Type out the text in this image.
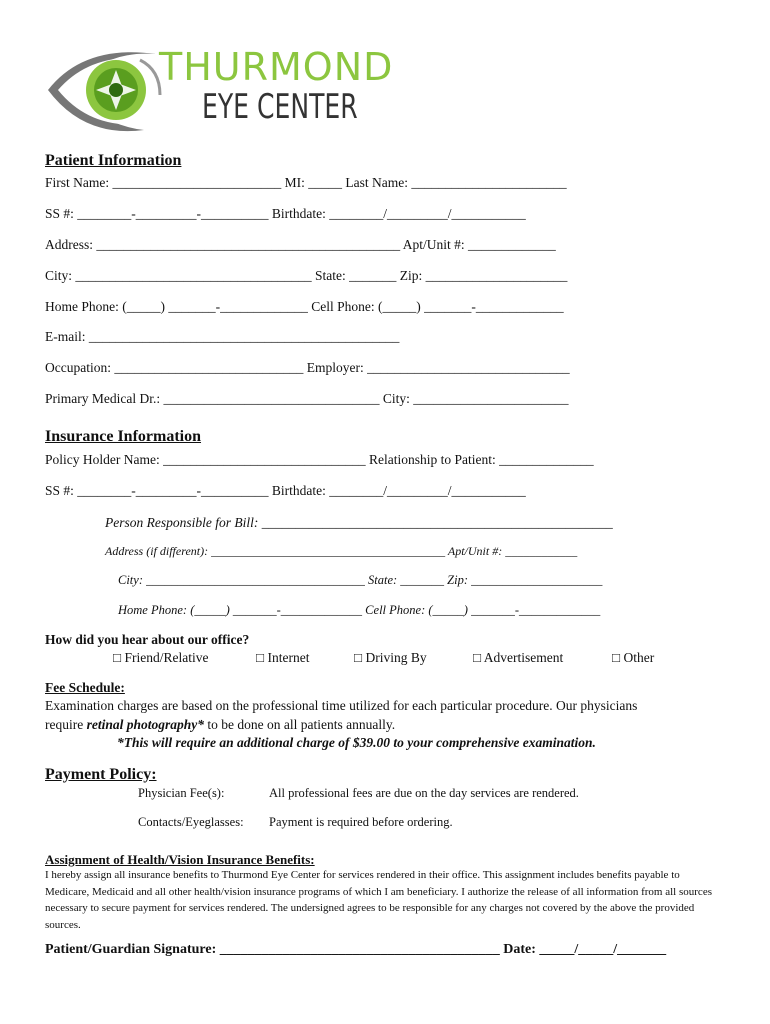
THURMOND

EYE CENTER

Patient Information
First Name: _________________________ MI: _____ Last Name: _______________________
SS #: ________-_________-__________ Birthdate: ________/_________/___________
Address: _____________________________________________ Apt/Unit #: _____________
City: ___________________________________ State: _______ Zip: _____________________
Home Phone: (_____) _______-_____________ Cell Phone: (_____) _______-_____________
E-mail: ______________________________________________
Occupation: ____________________________ Employer: ______________________________
Primary Medical Dr.: ________________________________ City: _______________________
Insurance Information
Policy Holder Name: ______________________________ Relationship to Patient: ______________
SS #: ________-_________-__________ Birthdate: ________/_________/___________
Person Responsible for Bill: ____________________________________________________
Address (if different): _______________________________________ Apt/Unit #: ____________
City: ___________________________________ State: _______ Zip: _____________________
Home Phone: (_____) _______-_____________ Cell Phone: (_____) _______-_____________
How did you hear about our office?
□ Friend/Relative	□ Internet	□ Driving By	□ Advertisement	□ Other
Fee Schedule:
Examination charges are based on the professional time utilized for each particular procedure. Our physicians
require retinal photography* to be done on all patients annually.
*This will require an additional charge of $39.00 to your comprehensive examination.
Payment Policy:
Physician Fee(s):	All professional fees are due on the day services are rendered.
Contacts/Eyeglasses: Payment is required before ordering.
Assignment of Health/Vision Insurance Benefits:
I hereby assign all insurance benefits to Thurmond Eye Center for services rendered in their office. This assignment includes benefits payable to Medicare, Medicaid and all other health/vision insurance programs of which I am beneficiary. I authorize the release of all information from all sources necessary to secure payment for services rendered. The undersigned agrees to be responsible for any charges not covered by the above the provided sources.
Patient/Guardian Signature: ________________________________________ Date: _____/_____/_______
